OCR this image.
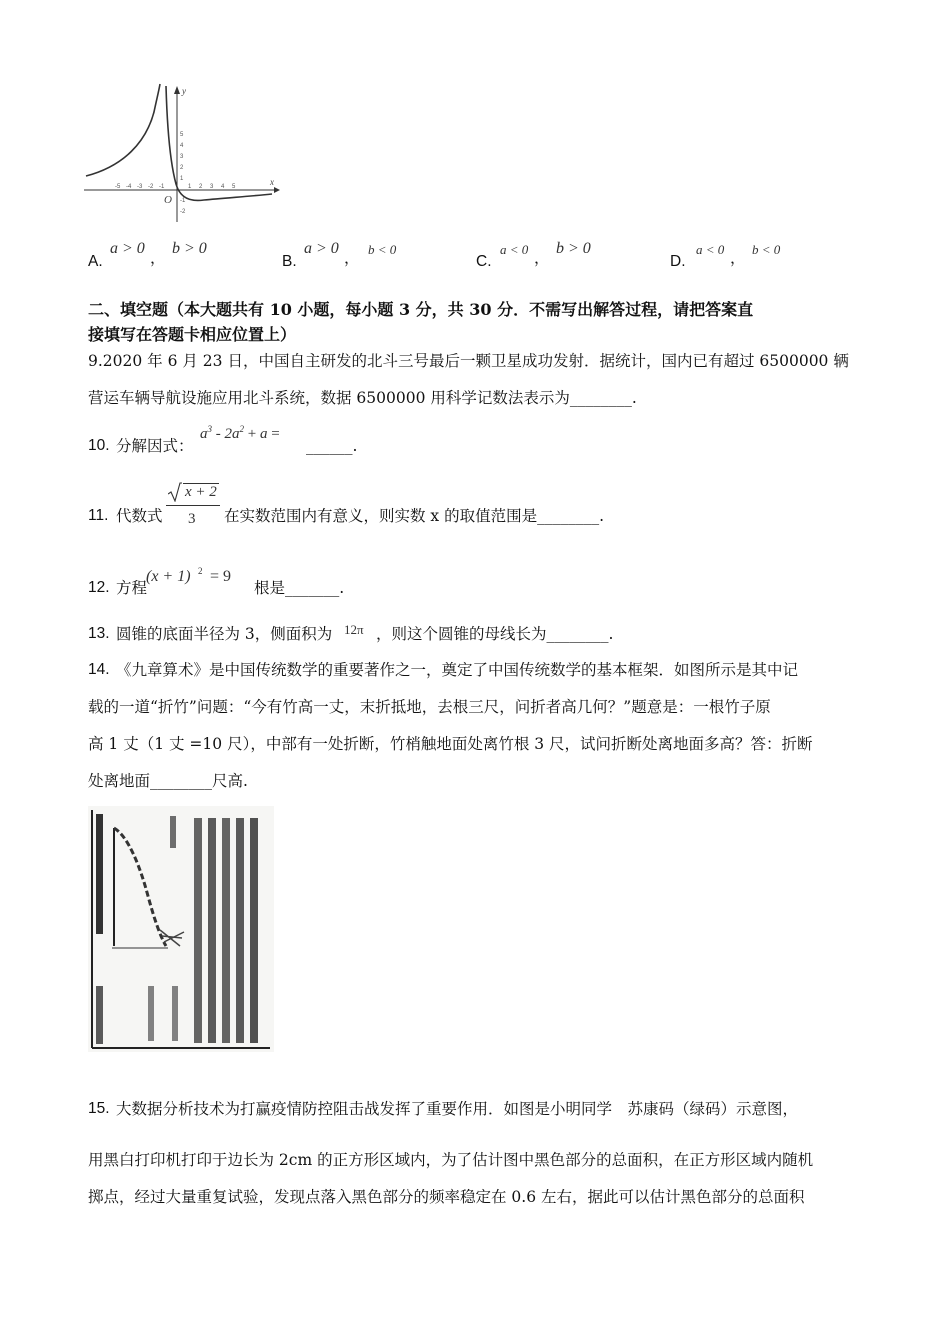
y
x
O
-5 -4 -3 -2 -1	1 2 3 4 5
5
4
3
2
1
-1
-2
A.
a > 0
，
b > 0
B.
a > 0
， b < 0
C.
a < 0 ，
b > 0
D.
a < 0 ， b < 0
二、填空题（本大题共有 10 小题，每小题 3 分，共 30 分．不需写出解答过程，请把答案直
接填写在答题卡相应位置上）
9.2020 年 6 月 23 日，中国自主研发的北斗三号最后一颗卫星成功发射．据统计，国内已有超过 6500000 辆
营运车辆导航设施应用北斗系统，数据 6500000 用科学记数法表示为________.
10. 分解因式：
$a^3 - 2a^2 + a$ =
______.
11. 代数式
x + 2
3 在实数范围内有意义，则实数 x 的取值范围是________.
12. 方程
(x + 1) 2 = 9
根是_______.
13. 圆锥的底面半径为 3，侧面积为 12π ，则这个圆锥的母线长为________.
14. 《九章算术》是中国传统数学的重要著作之一，奠定了中国传统数学的基本框架．如图所示是其中记
载的一道“折竹”问题：“今有竹高一丈，末折抵地，去根三尺，问折者高几何？”题意是：一根竹子原
高 1 丈（1 丈 =10 尺），中部有一处折断，竹梢触地面处离竹根 3 尺，试问折断处离地面多高？答：折断
处离地面________尺高.
15. 大数据分析技术为打赢疫情防控阻击战发挥了重要作用．如图是小明同学　苏康码（绿码）示意图，
用黑白打印机打印于边长为 2cm 的正方形区域内，为了估计图中黑色部分的总面积，在正方形区域内随机
掷点，经过大量重复试验，发现点落入黑色部分的频率稳定在 0.6 左右，据此可以估计黑色部分的总面积
